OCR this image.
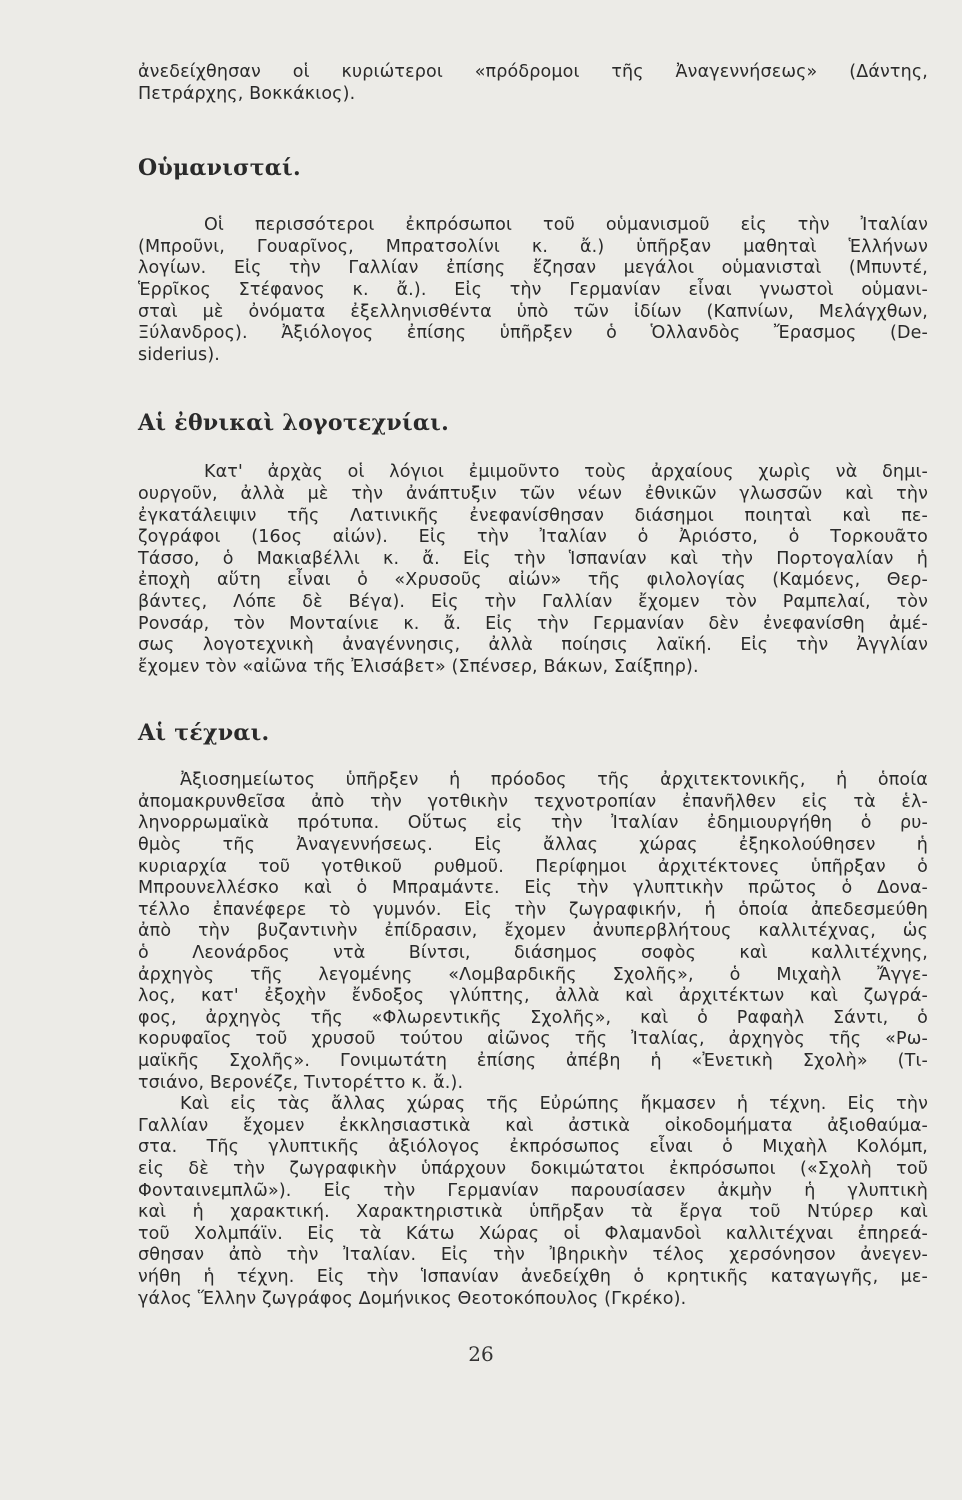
ἀνεδείχθησαν οἱ κυριώτεροι «πρόδρομοι τῆς Ἀναγεννήσεως» (Δάντης,
Πετράρχης, Βοκκάκιος).
Οὑμανισταί.
Οἱ περισσότεροι ἐκπρόσωποι τοῦ οὑμανισμοῦ εἰς τὴν Ἰταλίαν
(Μπροῦνι, Γουαρῖνος, Μπρατσολίνι κ. ἄ.) ὑπῆρξαν μαθηταὶ Ἑλλήνων
λογίων. Εἰς τὴν Γαλλίαν ἐπίσης ἔζησαν μεγάλοι οὑμανισταὶ (Μπυντέ,
Ἑρρῖκος Στέφανος κ. ἄ.). Εἰς τὴν Γερμανίαν εἶναι γνωστοὶ οὑμανι-
σταὶ μὲ ὀνόματα ἐξελληνισθέντα ὑπὸ τῶν ἰδίων (Καπνίων, Μελάγχθων,
Ξύλανδρος). Ἀξιόλογος ἐπίσης ὑπῆρξεν ὁ Ὁλλανδὸς Ἔρασμος (De-
siderius).
Αἱ ἐθνικαὶ λογοτεχνίαι.
Κατ' ἀρχὰς οἱ λόγιοι ἐμιμοῦντο τοὺς ἀρχαίους χωρὶς νὰ δημι-
ουργοῦν, ἀλλὰ μὲ τὴν ἀνάπτυξιν τῶν νέων ἐθνικῶν γλωσσῶν καὶ τὴν
ἐγκατάλειψιν τῆς Λατινικῆς ἐνεφανίσθησαν διάσημοι ποιηταὶ καὶ πε-
ζογράφοι (16ος αἰών). Εἰς τὴν Ἰταλίαν ὁ Ἀριόστο, ὁ Τορκουᾶτο
Τάσσο, ὁ Μακιαβέλλι κ. ἄ. Εἰς τὴν Ἱσπανίαν καὶ τὴν Πορτογαλίαν ἡ
ἐποχὴ αὕτη εἶναι ὁ «Χρυσοῦς αἰών» τῆς φιλολογίας (Καμόενς, Θερ-
βάντες, Λόπε δὲ Βέγα). Εἰς τὴν Γαλλίαν ἔχομεν τὸν Ραμπελαί, τὸν
Ρονσάρ, τὸν Μονταίνιε κ. ἄ. Εἰς τὴν Γερμανίαν δὲν ἐνεφανίσθη ἀμέ-
σως λογοτεχνικὴ ἀναγέννησις, ἀλλὰ ποίησις λαϊκή. Εἰς τὴν Ἀγγλίαν
ἔχομεν τὸν «αἰῶνα τῆς Ἐλισάβετ» (Σπένσερ, Βάκων, Σαίξπηρ).
Αἱ τέχναι.
Ἀξιοσημείωτος ὑπῆρξεν ἡ πρόοδος τῆς ἀρχιτεκτονικῆς, ἡ ὁποία
ἀπομακρυνθεῖσα ἀπὸ τὴν γοτθικὴν τεχνοτροπίαν ἐπανῆλθεν εἰς τὰ ἑλ-
ληνορρωμαϊκὰ πρότυπα. Οὕτως εἰς τὴν Ἰταλίαν ἐδημιουργήθη ὁ ρυ-
θμὸς τῆς Ἀναγεννήσεως. Εἰς ἄλλας χώρας ἐξηκολούθησεν ἡ
κυριαρχία τοῦ γοτθικοῦ ρυθμοῦ. Περίφημοι ἀρχιτέκτονες ὑπῆρξαν ὁ
Μπρουνελλέσκο καὶ ὁ Μπραμάντε. Εἰς τὴν γλυπτικὴν πρῶτος ὁ Δονα-
τέλλο ἐπανέφερε τὸ γυμνόν. Εἰς τὴν ζωγραφικήν, ἡ ὁποία ἀπεδεσμεύθη
ἀπὸ τὴν βυζαντινὴν ἐπίδρασιν, ἔχομεν ἀνυπερβλήτους καλλιτέχνας, ὡς
ὁ Λεονάρδος ντὰ Βίντσι, διάσημος σοφὸς καὶ καλλιτέχνης,
ἀρχηγὸς τῆς λεγομένης «Λομβαρδικῆς Σχολῆς», ὁ Μιχαὴλ Ἄγγε-
λος, κατ' ἐξοχὴν ἔνδοξος γλύπτης, ἀλλὰ καὶ ἀρχιτέκτων καὶ ζωγρά-
φος, ἀρχηγὸς τῆς «Φλωρεντικῆς Σχολῆς», καὶ ὁ Ραφαὴλ Σάντι, ὁ
κορυφαῖος τοῦ χρυσοῦ τούτου αἰῶνος τῆς Ἰταλίας, ἀρχηγὸς τῆς «Ρω-
μαϊκῆς Σχολῆς». Γονιμωτάτη ἐπίσης ἀπέβη ἡ «Ἐνετικὴ Σχολὴ» (Τι-
τσιάνο, Βερονέζε, Τιντορέττο κ. ἄ.).
Καὶ εἰς τὰς ἄλλας χώρας τῆς Εὐρώπης ἤκμασεν ἡ τέχνη. Εἰς τὴν
Γαλλίαν ἔχομεν ἐκκλησιαστικὰ καὶ ἀστικὰ οἰκοδομήματα ἀξιοθαύμα-
στα. Τῆς γλυπτικῆς ἀξιόλογος ἐκπρόσωπος εἶναι ὁ Μιχαὴλ Κολόμπ,
εἰς δὲ τὴν ζωγραφικὴν ὑπάρχουν δοκιμώτατοι ἐκπρόσωποι («Σχολὴ τοῦ
Φονταινεμπλῶ»). Εἰς τὴν Γερμανίαν παρουσίασεν ἀκμὴν ἡ γλυπτικὴ
καὶ ἡ χαρακτική. Χαρακτηριστικὰ ὑπῆρξαν τὰ ἔργα τοῦ Ντύρερ καὶ
τοῦ Χολμπάϊν. Εἰς τὰ Κάτω Χώρας οἱ Φλαμανδοὶ καλλιτέχναι ἐπηρεά-
σθησαν ἀπὸ τὴν Ἰταλίαν. Εἰς τὴν Ἰβηρικὴν τέλος χερσόνησον ἀνεγεν-
νήθη ἡ τέχνη. Εἰς τὴν Ἱσπανίαν ἀνεδείχθη ὁ κρητικῆς καταγωγῆς, με-
γάλος Ἕλλην ζωγράφος Δομήνικος Θεοτοκόπουλος (Γκρέκο).
26
